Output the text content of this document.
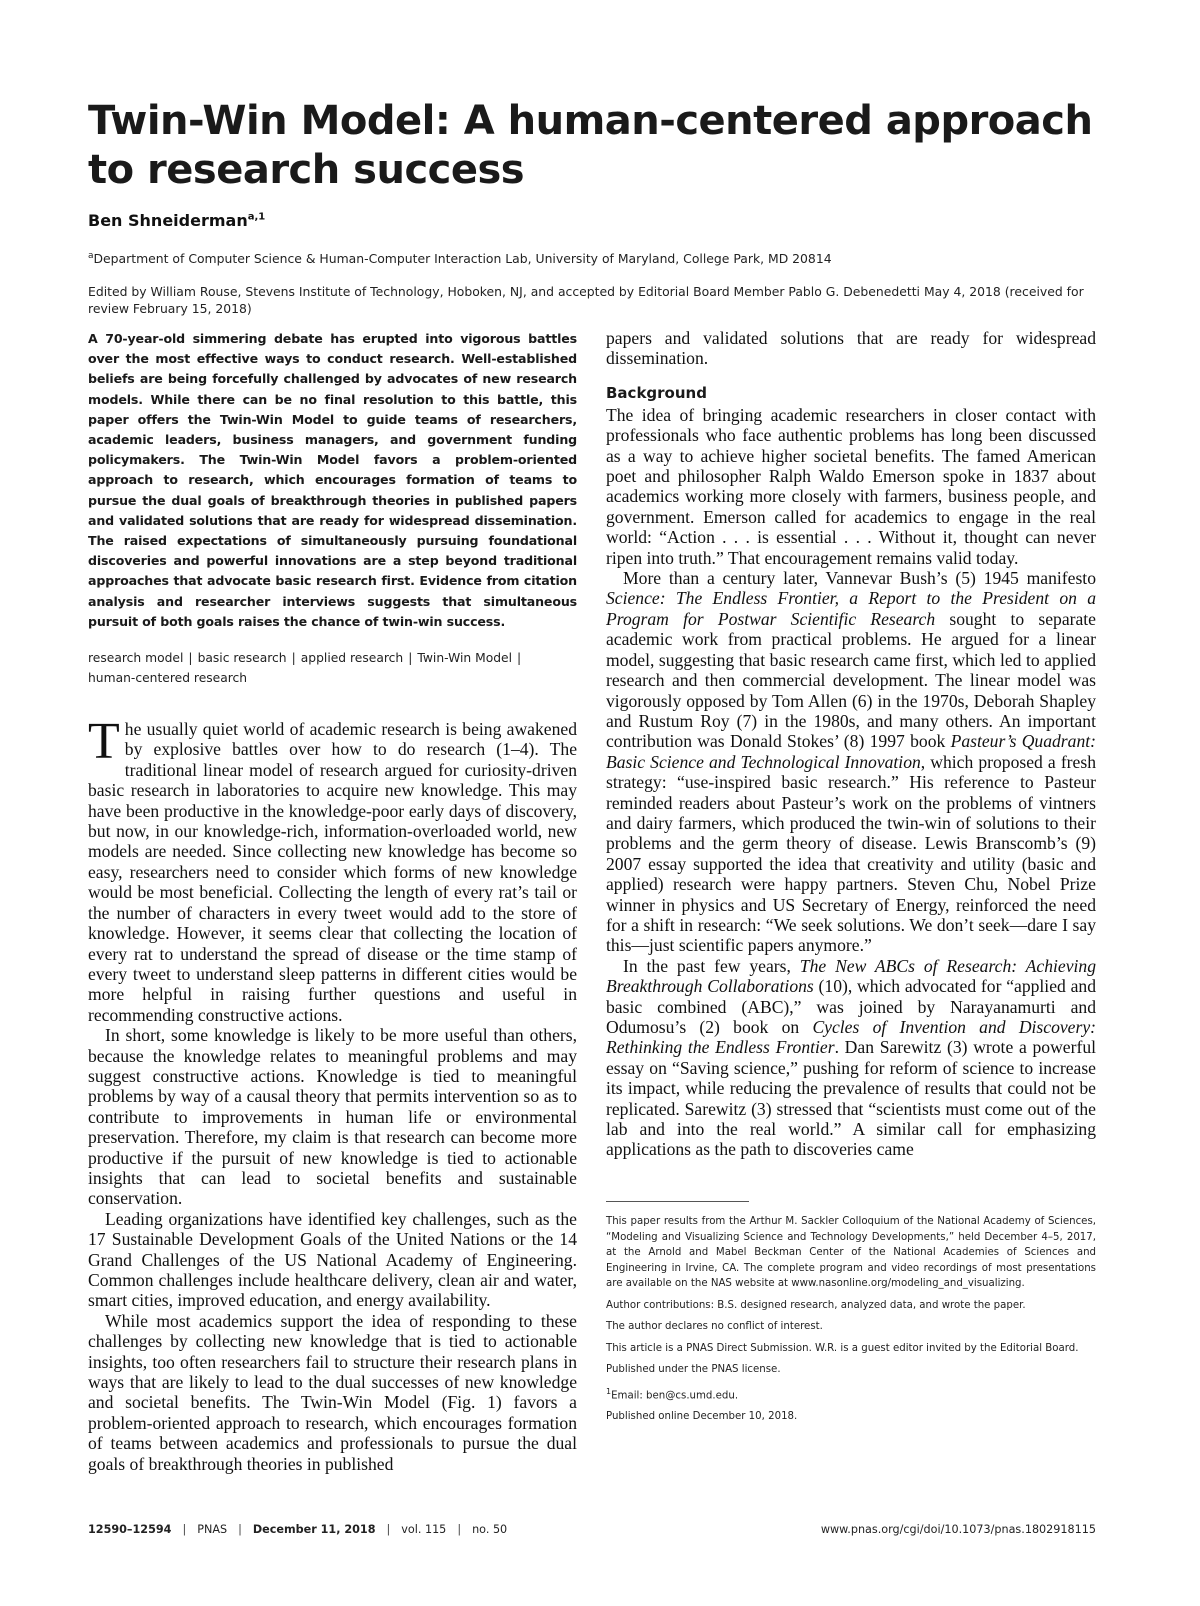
Twin-Win Model: A human-centered approach to research success

Ben Shneiderman$^{a,1}$

$^a$Department of Computer Science & Human-Computer Interaction Lab, University of Maryland, College Park, MD 20814

Edited by William Rouse, Stevens Institute of Technology, Hoboken, NJ, and accepted by Editorial Board Member Pablo G. Debenedetti May 4, 2018 (received for review February 15, 2018)

A 70-year-old simmering debate has erupted into vigorous battles over the most effective ways to conduct research. Well-established beliefs are being forcefully challenged by advocates of new research models. While there can be no final resolution to this battle, this paper offers the Twin-Win Model to guide teams of researchers, academic leaders, business managers, and government funding policymakers. The Twin-Win Model favors a problem-oriented approach to research, which encourages formation of teams to pursue the dual goals of breakthrough theories in published papers and validated solutions that are ready for widespread dissemination. The raised expectations of simultaneously pursuing foundational discoveries and powerful innovations are a step beyond traditional approaches that advocate basic research first. Evidence from citation analysis and researcher interviews suggests that simultaneous pursuit of both goals raises the chance of twin-win success.

research model | basic research | applied research | Twin-Win Model |
human-centered research

The usually quiet world of academic research is being awakened by explosive battles over how to do research (1–4). The traditional linear model of research argued for curiosity-driven basic research in laboratories to acquire new knowledge. This may have been productive in the knowledge-poor early days of discovery, but now, in our knowledge-rich, information-overloaded world, new models are needed. Since collecting new knowledge has become so easy, researchers need to consider which forms of new knowledge would be most beneficial. Collecting the length of every rat’s tail or the number of characters in every tweet would add to the store of knowledge. However, it seems clear that collecting the location of every rat to understand the spread of disease or the time stamp of every tweet to understand sleep patterns in different cities would be more helpful in raising further questions and useful in recommending constructive actions.

In short, some knowledge is likely to be more useful than others, because the knowledge relates to meaningful problems and may suggest constructive actions. Knowledge is tied to meaningful problems by way of a causal theory that permits intervention so as to contribute to improvements in human life or environmental preservation. Therefore, my claim is that research can become more productive if the pursuit of new knowledge is tied to actionable insights that can lead to societal benefits and sustainable conservation.

Leading organizations have identified key challenges, such as the 17 Sustainable Development Goals of the United Nations or the 14 Grand Challenges of the US National Academy of Engineering. Common challenges include healthcare delivery, clean air and water, smart cities, improved education, and energy availability.

While most academics support the idea of responding to these challenges by collecting new knowledge that is tied to actionable insights, too often researchers fail to structure their research plans in ways that are likely to lead to the dual successes of new knowledge and societal benefits. The Twin-Win Model (Fig. 1) favors a problem-oriented approach to research, which encourages formation of teams between academics and professionals to pursue the dual goals of breakthrough theories in published

papers and validated solutions that are ready for widespread dissemination.

Background

The idea of bringing academic researchers in closer contact with professionals who face authentic problems has long been discussed as a way to achieve higher societal benefits. The famed American poet and philosopher Ralph Waldo Emerson spoke in 1837 about academics working more closely with farmers, business people, and government. Emerson called for academics to engage in the real world: “Action . . . is essential . . . Without it, thought can never ripen into truth.” That encouragement remains valid today.

More than a century later, Vannevar Bush’s (5) 1945 manifesto Science: The Endless Frontier, a Report to the President on a Program for Postwar Scientific Research sought to separate academic work from practical problems. He argued for a linear model, suggesting that basic research came first, which led to applied research and then commercial development. The linear model was vigorously opposed by Tom Allen (6) in the 1970s, Deborah Shapley and Rustum Roy (7) in the 1980s, and many others. An important contribution was Donald Stokes’ (8) 1997 book Pasteur’s Quadrant: Basic Science and Technological Innovation, which proposed a fresh strategy: “use-inspired basic research.” His reference to Pasteur reminded readers about Pasteur’s work on the problems of vintners and dairy farmers, which produced the twin-win of solutions to their problems and the germ theory of disease. Lewis Branscomb’s (9) 2007 essay supported the idea that creativity and utility (basic and applied) research were happy partners. Steven Chu, Nobel Prize winner in physics and US Secretary of Energy, reinforced the need for a shift in research: “We seek solutions. We don’t seek—dare I say this—just scientific papers anymore.”

In the past few years, The New ABCs of Research: Achieving Breakthrough Collaborations (10), which advocated for “applied and basic combined (ABC),” was joined by Narayanamurti and Odumosu’s (2) book on Cycles of Invention and Discovery: Rethinking the Endless Frontier. Dan Sarewitz (3) wrote a powerful essay on “Saving science,” pushing for reform of science to increase its impact, while reducing the prevalence of results that could not be replicated. Sarewitz (3) stressed that “scientists must come out of the lab and into the real world.” A similar call for emphasizing applications as the path to discoveries came

This paper results from the Arthur M. Sackler Colloquium of the National Academy of Sciences, “Modeling and Visualizing Science and Technology Developments,” held December 4–5, 2017, at the Arnold and Mabel Beckman Center of the National Academies of Sciences and Engineering in Irvine, CA. The complete program and video recordings of most presentations are available on the NAS website at www.nasonline.org/modeling_and_visualizing.

Author contributions: B.S. designed research, analyzed data, and wrote the paper.

The author declares no conflict of interest.

This article is a PNAS Direct Submission. W.R. is a guest editor invited by the Editorial Board.

Published under the PNAS license.

$^1$Email: ben@cs.umd.edu.

Published online December 10, 2018.

12590–12594 | PNAS | December 11, 2018 | vol. 115 | no. 50	www.pnas.org/cgi/doi/10.1073/pnas.1802918115
